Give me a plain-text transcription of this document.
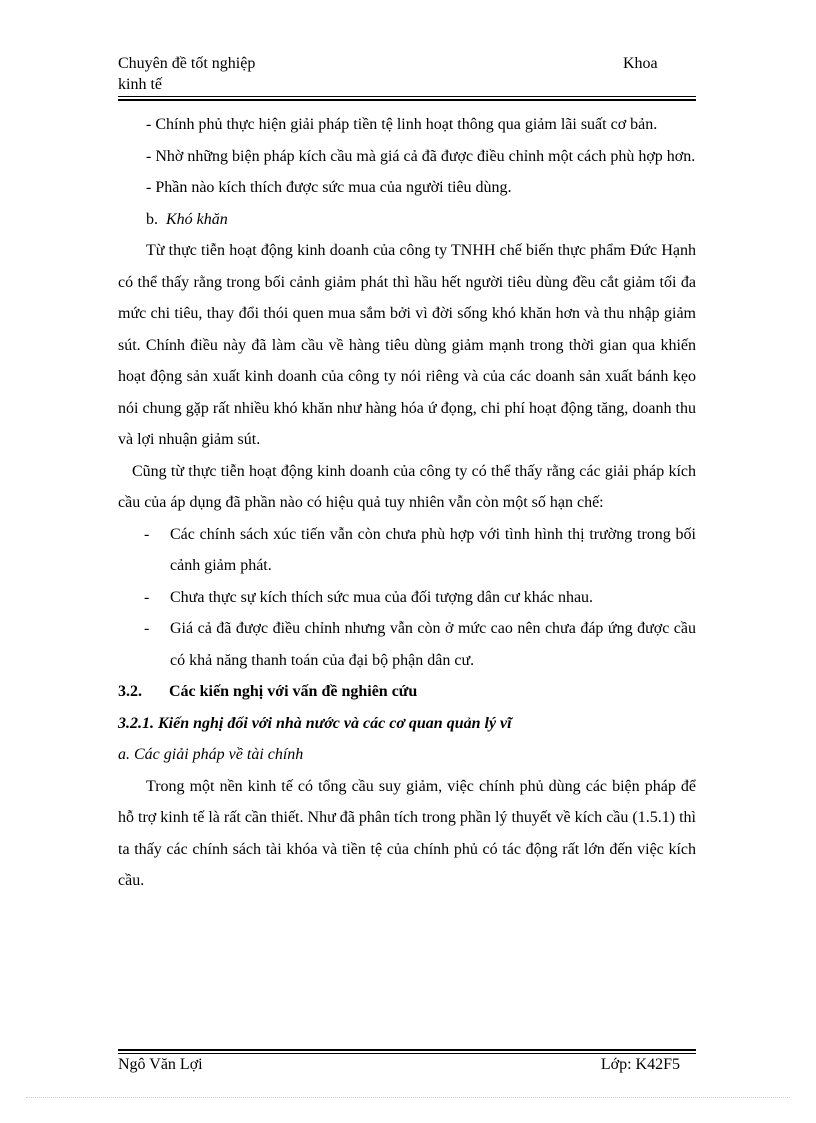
Chuyên đề tốt nghiệp
kinh tế
Khoa

- Chính phủ thực hiện giải pháp tiền tệ linh hoạt thông qua giảm lãi suất cơ bản.

- Nhờ những biện pháp kích cầu mà giá cả đã được điều chỉnh một cách phù hợp hơn.

- Phần nào kích thích được sức mua của người tiêu dùng.

b. Khó khăn

Từ thực tiễn hoạt động kinh doanh của công ty TNHH chế biến thực phẩm Đức Hạnh có thể thấy rằng trong bối cảnh giảm phát thì hầu hết người tiêu dùng đều cắt giảm tối đa mức chi tiêu, thay đổi thói quen mua sắm bởi vì đời sống khó khăn hơn và thu nhập giảm sút. Chính điều này đã làm cầu về hàng tiêu dùng giảm mạnh trong thời gian qua khiến hoạt động sản xuất kinh doanh của công ty nói riêng và của các doanh sản xuất bánh kẹo nói chung gặp rất nhiều khó khăn như hàng hóa ứ đọng, chi phí hoạt động tăng, doanh thu và lợi nhuận giảm sút.

Cũng từ thực tiễn hoạt động kinh doanh của công ty có thể thấy rằng các giải pháp kích cầu của áp dụng đã phần nào có hiệu quả tuy nhiên vẫn còn một số hạn chế:

- Các chính sách xúc tiến vẫn còn chưa phù hợp với tình hình thị trường trong bối cảnh giảm phát.

- Chưa thực sự kích thích sức mua của đối tượng dân cư khác nhau.

- Giá cả đã được điều chỉnh nhưng vẫn còn ở mức cao nên chưa đáp ứng được cầu có khả năng thanh toán của đại bộ phận dân cư.

3.2. Các kiến nghị với vấn đề nghiên cứu

3.2.1. Kiến nghị đối với nhà nước và các cơ quan quản lý vĩ

a. Các giải pháp về tài chính

Trong một nền kinh tế có tổng cầu suy giảm, việc chính phủ dùng các biện pháp để hỗ trợ kinh tế là rất cần thiết. Như đã phân tích trong phần lý thuyết về kích cầu (1.5.1) thì ta thấy các chính sách tài khóa và tiền tệ của chính phủ có tác động rất lớn đến việc kích cầu.

Ngô Văn Lợi	Lớp: K42F5
